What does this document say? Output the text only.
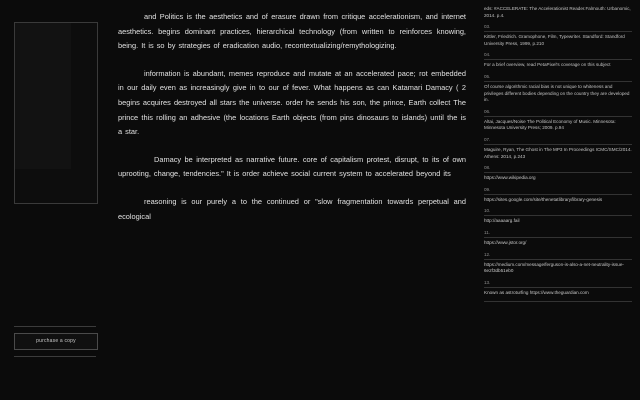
purchase a copy

and Politics is the aesthetics and of erasure drawn from critique accelerationism, and internet aesthetics. begins dominant practices, hierarchical technology (from written to reinforces knowing, being. It is so by strategies of eradication audio, recontextualizing/remythologizing.

information is abundant, memes reproduce and mutate at an accelerated pace; rot embedded in our daily even as increasingly give in to our of fever. What happens as can Katamari Damacy ( 2 begins acquires destroyed all stars the universe. order he sends his son, the prince, Earth collect The prince this rolling an adhesive (the locations Earth objects (from pins dinosaurs to islands) until the is a star.

Damacy be interpreted as narrative future. core of capitalism protest, disrupt, to its of own uprooting, change, tendencies." It is order achieve social current system to accelerated beyond its

reasoning is our purely a to the continued or "slow fragmentation towards perpetual and ecological

eds: #ACCELERATE: The Accelerationist Reader.Falmouth: Urbanomic, 2014. p.4.
03.
Kittler, Friedrich. Gramophone, Film, Typewriter. Standford: Standford University Press, 1999, p.210
04.
For a brief overview, read PetaPixel's coverage on this subject
05.
Of course algorithmic racial bias is not unique to whiteness and privileges different bodies depending on the country they are developed in.
06.
Altai, Jacques/Noise The Political Economy of Music. Minnesota: Minnesota University Press; 2009. p.94
07.
Maguire, Ryan, The Ghost in The MP3 In Proceedings ICMC/SMC/2014. Athens: 2014, p.243
08.
https://www.wikipedia.org
09.
https://sites.google.com/site/thenetatlibrary/library-genesis
10.
http://aaaaarg.fail
11.
https://www.jstor.org/
12.
https://medium.com/message/ferguson-is-also-a-net-neutrality-issue-6e2f3db51eb0
13.
Known as astroturfing https://www.theguardian.com
